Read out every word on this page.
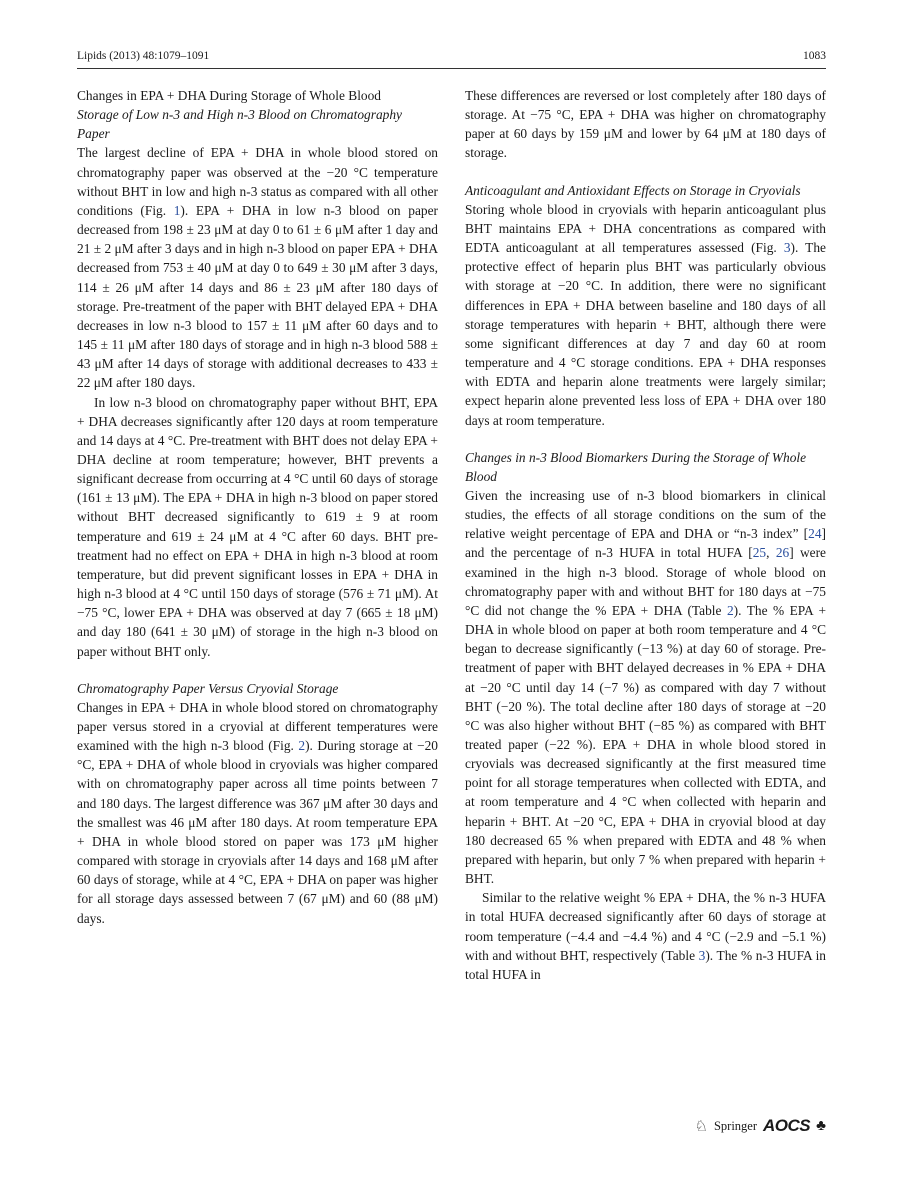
Lipids (2013) 48:1079–1091	1083

Changes in EPA + DHA During Storage of Whole Blood

Storage of Low n-3 and High n-3 Blood on Chromatography Paper

The largest decline of EPA + DHA in whole blood stored on chromatography paper was observed at the −20 °C temperature without BHT in low and high n-3 status as compared with all other conditions (Fig. 1). EPA + DHA in low n-3 blood on paper decreased from 198 ± 23 μM at day 0 to 61 ± 6 μM after 1 day and 21 ± 2 μM after 3 days and in high n-3 blood on paper EPA + DHA decreased from 753 ± 40 μM at day 0 to 649 ± 30 μM after 3 days, 114 ± 26 μM after 14 days and 86 ± 23 μM after 180 days of storage. Pre-treatment of the paper with BHT delayed EPA + DHA decreases in low n-3 blood to 157 ± 11 μM after 60 days and to 145 ± 11 μM after 180 days of storage and in high n-3 blood 588 ± 43 μM after 14 days of storage with additional decreases to 433 ± 22 μM after 180 days.

In low n-3 blood on chromatography paper without BHT, EPA + DHA decreases significantly after 120 days at room temperature and 14 days at 4 °C. Pre-treatment with BHT does not delay EPA + DHA decline at room temperature; however, BHT prevents a significant decrease from occurring at 4 °C until 60 days of storage (161 ± 13 μM). The EPA + DHA in high n-3 blood on paper stored without BHT decreased significantly to 619 ± 9 at room temperature and 619 ± 24 μM at 4 °C after 60 days. BHT pre-treatment had no effect on EPA + DHA in high n-3 blood at room temperature, but did prevent significant losses in EPA + DHA in high n-3 blood at 4 °C until 150 days of storage (576 ± 71 μM). At −75 °C, lower EPA + DHA was observed at day 7 (665 ± 18 μM) and day 180 (641 ± 30 μM) of storage in the high n-3 blood on paper without BHT only.

Chromatography Paper Versus Cryovial Storage

Changes in EPA + DHA in whole blood stored on chromatography paper versus stored in a cryovial at different temperatures were examined with the high n-3 blood (Fig. 2). During storage at −20 °C, EPA + DHA of whole blood in cryovials was higher compared with on chromatography paper across all time points between 7 and 180 days. The largest difference was 367 μM after 30 days and the smallest was 46 μM after 180 days. At room temperature EPA + DHA in whole blood stored on paper was 173 μM higher compared with storage in cryovials after 14 days and 168 μM after 60 days of storage, while at 4 °C, EPA + DHA on paper was higher for all storage days assessed between 7 (67 μM) and 60 (88 μM) days.

These differences are reversed or lost completely after 180 days of storage. At −75 °C, EPA + DHA was higher on chromatography paper at 60 days by 159 μM and lower by 64 μM at 180 days of storage.

Anticoagulant and Antioxidant Effects on Storage in Cryovials

Storing whole blood in cryovials with heparin anticoagulant plus BHT maintains EPA + DHA concentrations as compared with EDTA anticoagulant at all temperatures assessed (Fig. 3). The protective effect of heparin plus BHT was particularly obvious with storage at −20 °C. In addition, there were no significant differences in EPA + DHA between baseline and 180 days of all storage temperatures with heparin + BHT, although there were some significant differences at day 7 and day 60 at room temperature and 4 °C storage conditions. EPA + DHA responses with EDTA and heparin alone treatments were largely similar; expect heparin alone prevented less loss of EPA + DHA over 180 days at room temperature.

Changes in n-3 Blood Biomarkers During the Storage of Whole Blood

Given the increasing use of n-3 blood biomarkers in clinical studies, the effects of all storage conditions on the sum of the relative weight percentage of EPA and DHA or “n-3 index” [24] and the percentage of n-3 HUFA in total HUFA [25, 26] were examined in the high n-3 blood. Storage of whole blood on chromatography paper with and without BHT for 180 days at −75 °C did not change the % EPA + DHA (Table 2). The % EPA + DHA in whole blood on paper at both room temperature and 4 °C began to decrease significantly (−13 %) at day 60 of storage. Pre-treatment of paper with BHT delayed decreases in % EPA + DHA at −20 °C until day 14 (−7 %) as compared with day 7 without BHT (−20 %). The total decline after 180 days of storage at −20 °C was also higher without BHT (−85 %) as compared with BHT treated paper (−22 %). EPA + DHA in whole blood stored in cryovials was decreased significantly at the first measured time point for all storage temperatures when collected with EDTA, and at room temperature and 4 °C when collected with heparin and heparin + BHT. At −20 °C, EPA + DHA in cryovial blood at day 180 decreased 65 % when prepared with EDTA and 48 % when prepared with heparin, but only 7 % when prepared with heparin + BHT.

Similar to the relative weight % EPA + DHA, the % n-3 HUFA in total HUFA decreased significantly after 60 days of storage at room temperature (−4.4 and −4.4 %) and 4 °C (−2.9 and −5.1 %) with and without BHT, respectively (Table 3). The % n-3 HUFA in total HUFA in

♘ Springer AOCS ♣
